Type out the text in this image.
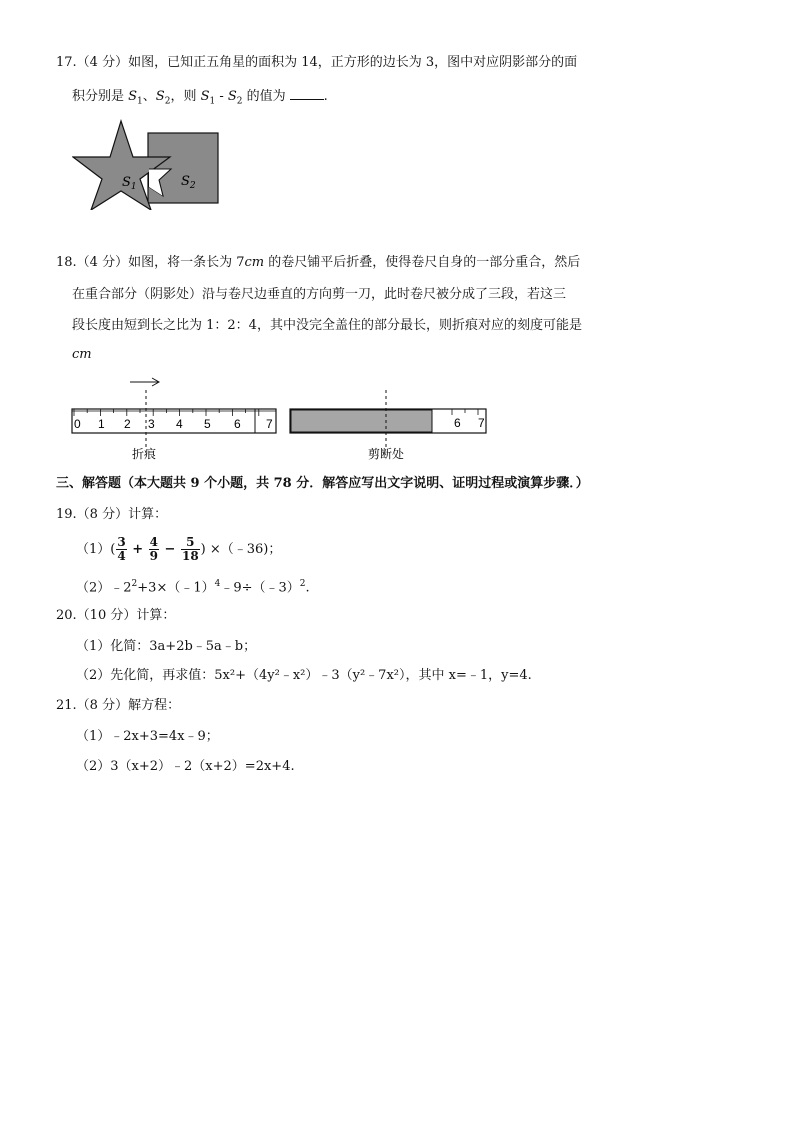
17.（4 分）如图，已知正五角星的面积为 14，正方形的边长为 3，图中对应阴影部分的面
积分别是 $S_1$、$S_2$，则 $S_1$ ‑ $S_2$ 的值为	.
$S_1$	$S_2$
18.（4 分）如图，将一条长为 7cm 的卷尺铺平后折叠，使得卷尺自身的一部分重合，然后
在重合部分（阴影处）沿与卷尺边垂直的方向剪一刀，此时卷尺被分成了三段，若这三
段长度由短到长之比为 1：2：4，其中没完全盖住的部分最长，则折痕对应的刻度可能是
cm
0 1 2 3 4 5 6 7
折痕
6 7
剪断处
三、解答题（本大题共 9 个小题，共 78 分．解答应写出文字说明、证明过程或演算步骤．）
19.（8 分）计算：
$(1)( \frac{3}{4} + \frac{4}{9} - \frac{5}{18}$ ) ×（﹣36)；
$(2)﹣2^2+3\times(﹣1)^4﹣9\div(﹣3)^2$.
20.（10 分）计算：
（1）化简：3a+2b﹣5a﹣b；
（2）先化简，再求值：5x²+（4y²﹣x²）﹣3（y²﹣7x²），其中 x=﹣1，y=4.
21.（8 分）解方程：
（1）﹣2x+3=4x﹣9；
（2）3（x+2）﹣2（x+2）=2x+4.
